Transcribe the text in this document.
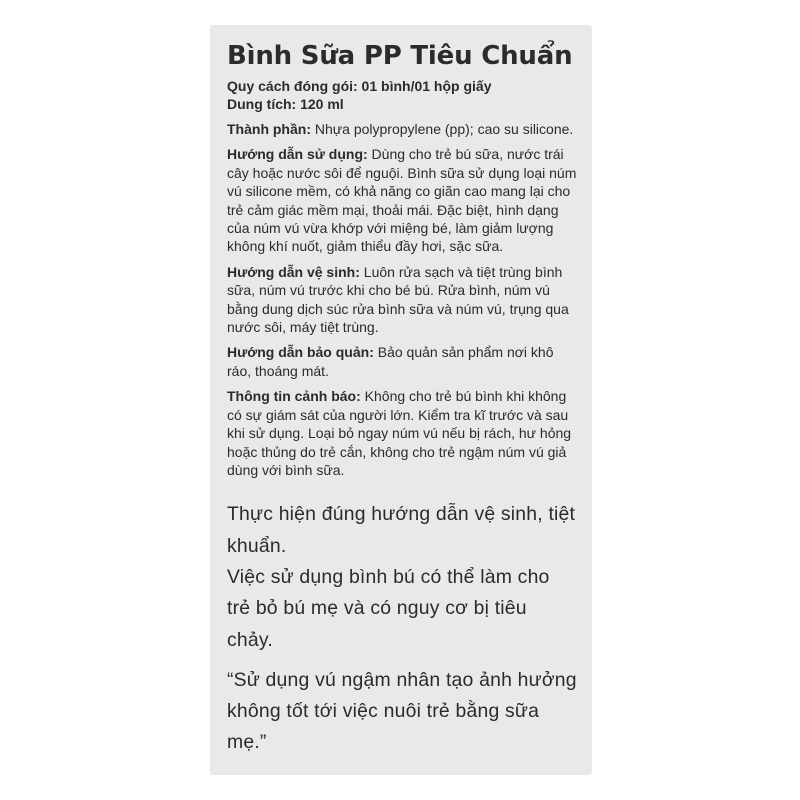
Bình Sữa PP Tiêu Chuẩn
Quy cách đóng gói: 01 bình/01 hộp giấy
Dung tích: 120 ml
Thành phần: Nhựa polypropylene (pp); cao su silicone.
Hướng dẫn sử dụng: Dùng cho trẻ bú sữa, nước trái cây hoặc nước sôi để nguội. Bình sữa sử dụng loại núm vú silicone mềm, có khả năng co giãn cao mang lại cho trẻ cảm giác mềm mại, thoải mái. Đặc biệt, hình dạng của núm vú vừa khớp với miệng bé, làm giảm lượng không khí nuốt, giảm thiểu đầy hơi, sặc sữa.
Hướng dẫn vệ sinh: Luôn rửa sạch và tiệt trùng bình sữa, núm vú trước khi cho bé bú. Rửa bình, núm vú bằng dung dịch súc rửa bình sữa và núm vú, trụng qua nước sôi, máy tiệt trùng.
Hướng dẫn bảo quản: Bảo quản sản phẩm nơi khô ráo, thoáng mát.
Thông tin cảnh báo: Không cho trẻ bú bình khi không có sự giám sát của người lớn. Kiểm tra kĩ trước và sau khi sử dụng. Loại bỏ ngay núm vú nếu bị rách, hư hỏng hoặc thủng do trẻ cắn, không cho trẻ ngậm núm vú giả dùng với bình sữa.

Thực hiện đúng hướng dẫn vệ sinh, tiệt khuẩn.

Việc sử dụng bình bú có thể làm cho trẻ bỏ bú mẹ và có nguy cơ bị tiêu chảy.

“Sử dụng vú ngậm nhân tạo ảnh hưởng không tốt tới việc nuôi trẻ bằng sữa mẹ.”
